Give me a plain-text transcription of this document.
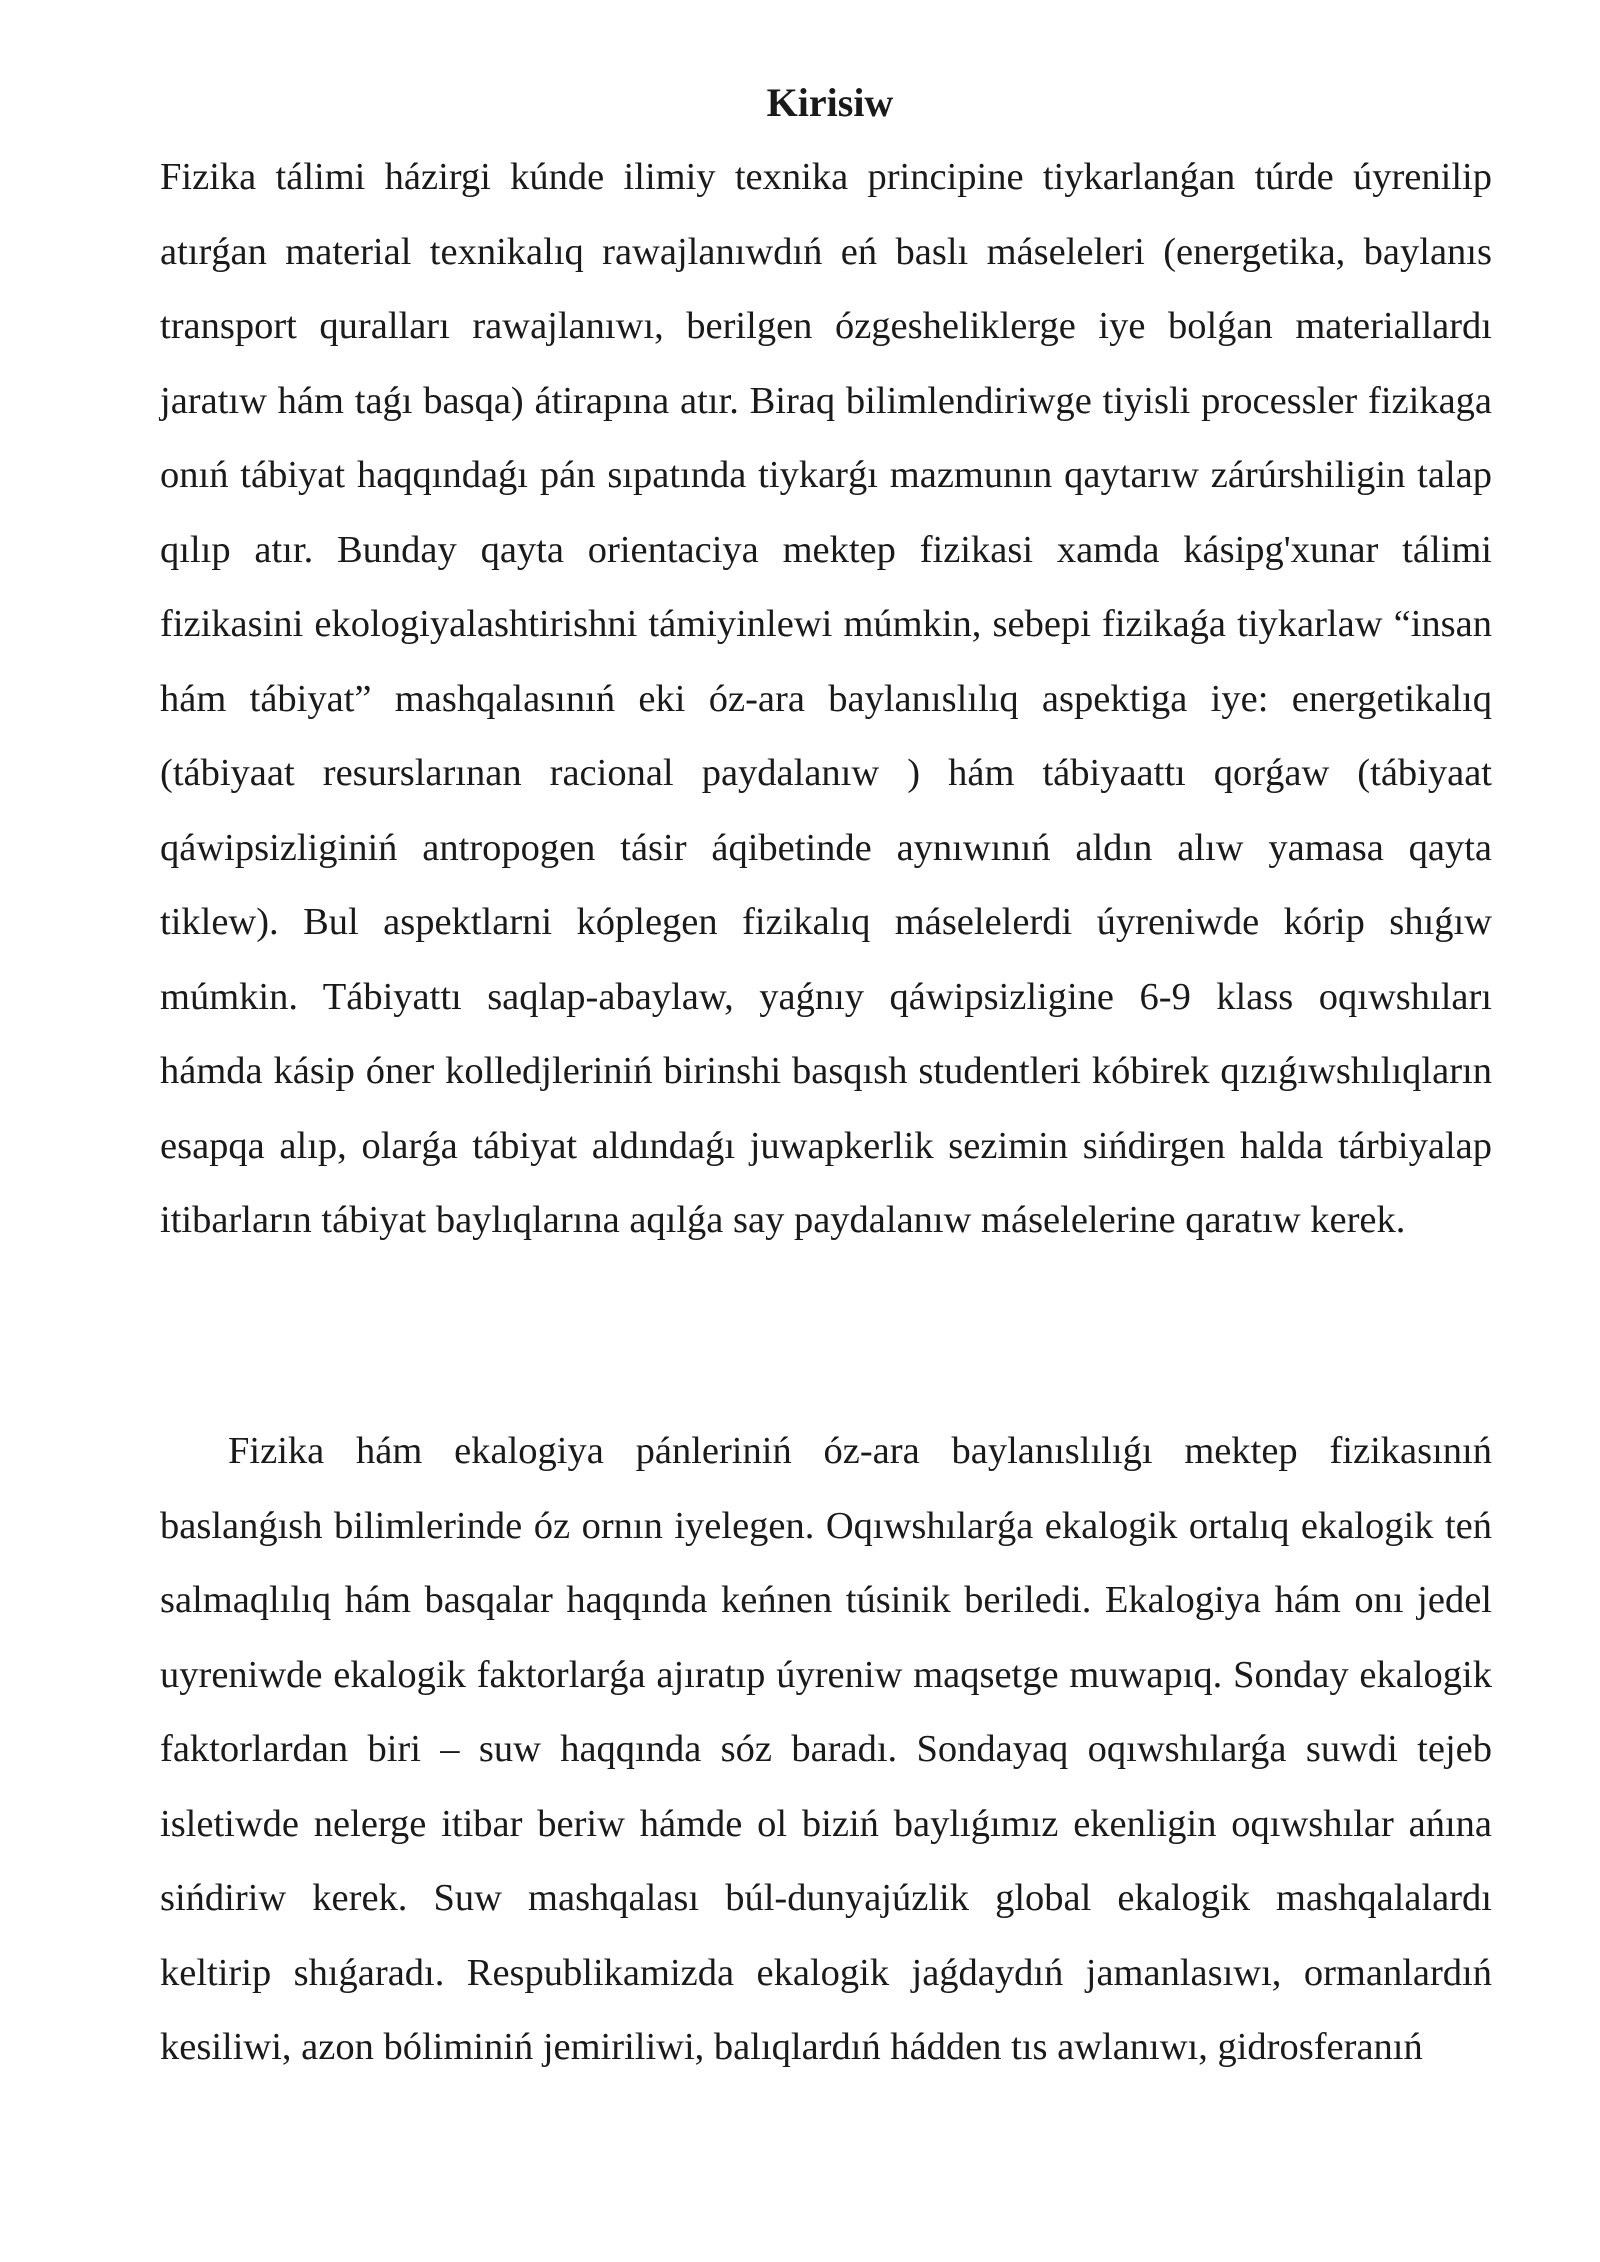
Kirisiw

Fizika tálimi házirgi kúnde ilimiy texnika principine tiykarlanǵan túrde úyrenilip atırǵan material texnikalıq rawajlanıwdıń eń baslı máseleleri (energetika, baylanıs transport quralları rawajlanıwı, berilgen ózgesheliklerge iye bolǵan materiallardı jaratıw hám taǵı basqa) átirapına atır. Biraq bilimlendiriwge tiyisli processler fizikaga onıń tábiyat haqqındaǵı pán sıpatında tiykarǵı mazmunın qaytarıw zárúrshiligin talap qılıp atır. Bunday qayta orientaciya mektep fizikasi xamda kásipg'xunar tálimi fizikasini ekologiyalashtirishni támiyinlewi múmkin, sebepi fizikaǵa tiykarlaw “insan hám tábiyat” mashqalasınıń eki óz-ara baylanıslılıq aspektiga iye: energetikalıq (tábiyaat resurslarınan racional paydalanıw ) hám tábiyaattı qorǵaw (tábiyaat qáwipsizliginiń antropogen tásir áqibetinde aynıwınıń aldın alıw yamasa qayta tiklew). Bul aspektlarni kóplegen fizikalıq máselelerdi úyreniwde kórip shıǵıw múmkin. Tábiyattı saqlap-abaylaw, yaǵnıy qáwipsizligine 6-9 klass oqıwshıları hámda kásip óner kolledjleriniń birinshi basqısh studentleri kóbirek qızıǵıwshılıqların esapqa alıp, olarǵa tábiyat aldındaǵı juwapkerlik sezimin sińdirgen halda tárbiyalap itibarların tábiyat baylıqlarına aqılǵa say paydalanıw máselelerine qaratıw kerek.

Fizika hám ekalogiya pánleriniń óz-ara baylanıslılıǵı mektep fizikasınıń baslanǵısh bilimlerinde óz ornın iyelegen. Oqıwshılarǵa ekalogik ortalıq ekalogik teń salmaqlılıq hám basqalar haqqında keńnen túsinik beriledi. Ekalogiya hám onı jedel uyreniwde ekalogik faktorlarǵa ajıratıp úyreniw maqsetge muwapıq. Sonday ekalogik faktorlardan biri – suw haqqında sóz baradı. Sondayaq oqıwshılarǵa suwdi tejeb isletiwde nelerge itibar beriw hámde ol biziń baylıǵımız ekenligin oqıwshılar ańına sińdiriw kerek. Suw mashqalası búl-dunyajúzlik global ekalogik mashqalalardı keltirip shıǵaradı. Respublikamizda ekalogik jaǵdaydıń jamanlasıwı, ormanlardıń kesiliwi, azon bóliminiń jemiriliwi, balıqlardıń hádden tıs awlanıwı, gidrosferanıń
